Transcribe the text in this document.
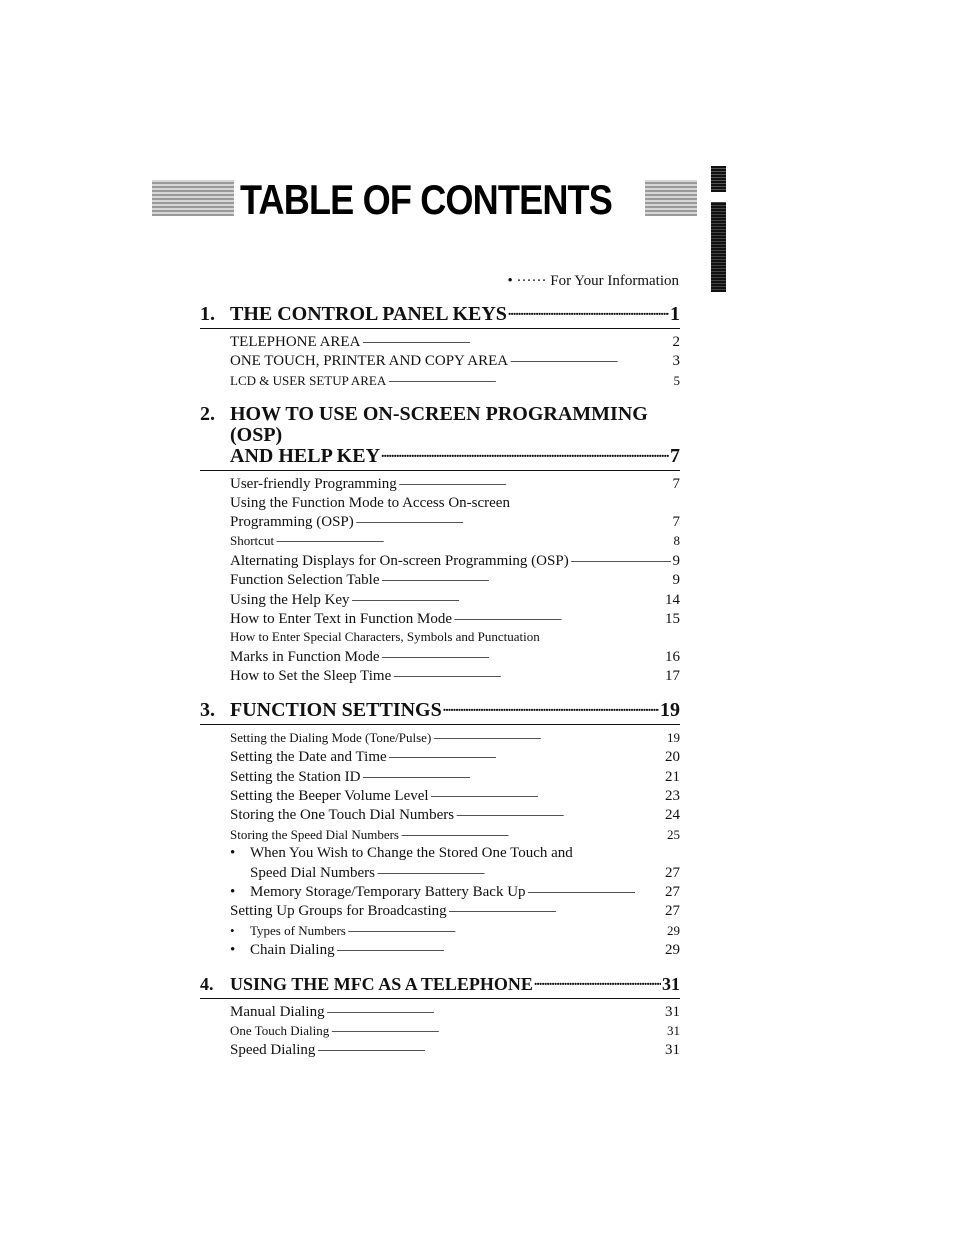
TABLE OF CONTENTS
• ······ For Your Information
1. THE CONTROL PANEL KEYS .....	1
TELEPHONE AREA . . .	2
ONE TOUCH, PRINTER AND COPY AREA . . .	3
LCD & USER SETUP AREA . . .	5
2. HOW TO USE ON-SCREEN PROGRAMMING (OSP)
AND HELP KEY .....	7
User-friendly Programming . . .	7
Using the Function Mode to Access On-screen
Programming (OSP) . . .	7
Shortcut . . .	8
Alternating Displays for On-screen Programming (OSP) . . .	9
Function Selection Table . . .	9
Using the Help Key . . .	14
How to Enter Text in Function Mode . . .	15
How to Enter Special Characters, Symbols and Punctuation
Marks in Function Mode . . .	16
How to Set the Sleep Time . . .	17
3. FUNCTION SETTINGS .....	19
Setting the Dialing Mode (Tone/Pulse) . . .	19
Setting the Date and Time . . .	20
Setting the Station ID . . .	21
Setting the Beeper Volume Level . . .	23
Storing the One Touch Dial Numbers . . .	24
Storing the Speed Dial Numbers . . .	25
• When You Wish to Change the Stored One Touch and
Speed Dial Numbers . . .	27
• Memory Storage/Temporary Battery Back Up . . .	27
Setting Up Groups for Broadcasting . . .	27
• Types of Numbers . . .	29
• Chain Dialing . . .	29
4. USING THE MFC AS A TELEPHONE .....	31
Manual Dialing . . .	31
One Touch Dialing . . .	31
Speed Dialing . . .	31
